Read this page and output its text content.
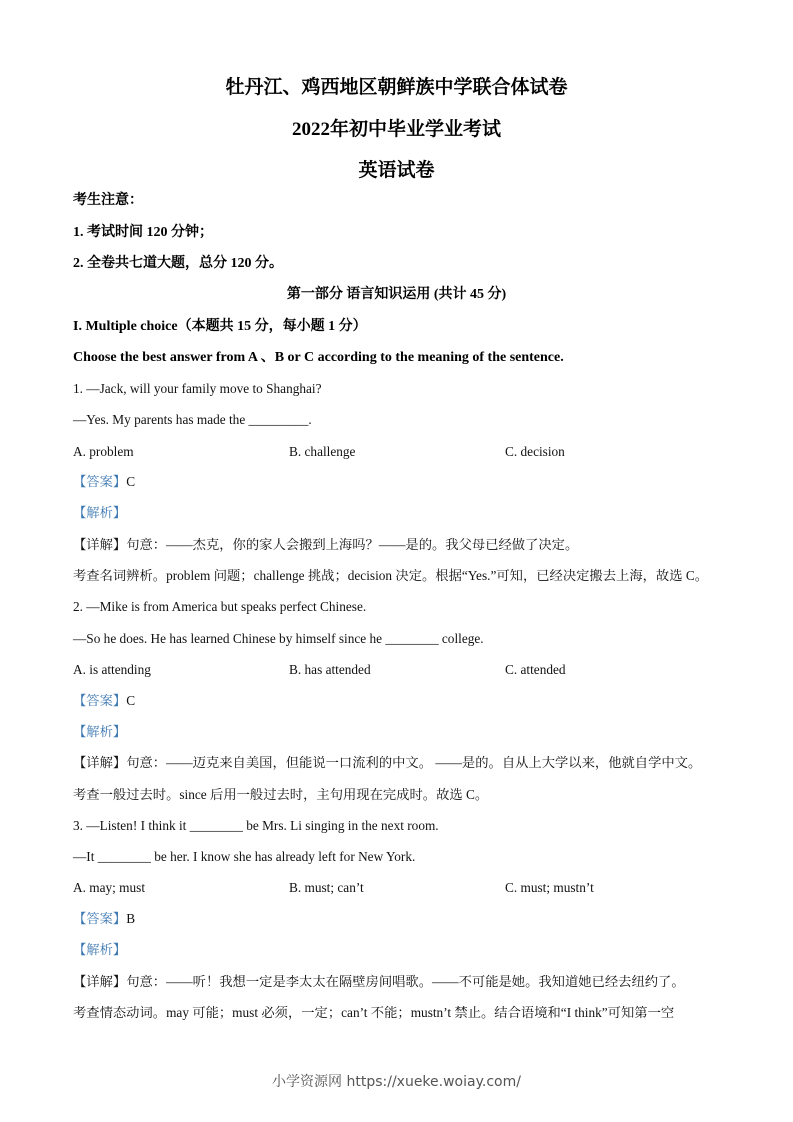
牡丹江、鸡西地区朝鲜族中学联合体试卷
2022年初中毕业学业考试
英语试卷
考生注意：
1. 考试时间 120 分钟；
2. 全卷共七道大题，总分 120 分。
第一部分 语言知识运用 (共计 45 分)
I. Multiple choice（本题共 15 分，每小题 1 分）
Choose the best answer from A 、B or C according to the meaning of the sentence.
1. —Jack, will your family move to Shanghai?
—Yes. My parents has made the _________.
A. problem	B. challenge	C. decision
【答案】C
【解析】
【详解】句意：——杰克，你的家人会搬到上海吗？——是的。我父母已经做了决定。
考查名词辨析。problem 问题；challenge 挑战；decision 决定。根据“Yes.”可知，已经决定搬去上海，故选 C。
2. —Mike is from America but speaks perfect Chinese.
—So he does. He has learned Chinese by himself since he ________ college.
A. is attending	B. has attended	C. attended
【答案】C
【解析】
【详解】句意：——迈克来自美国，但能说一口流利的中文。 ——是的。自从上大学以来，他就自学中文。
考查一般过去时。since 后用一般过去时，主句用现在完成时。故选 C。
3. —Listen! I think it ________ be Mrs. Li singing in the next room.
—It ________ be her. I know she has already left for New York.
A. may; must	B. must; can’t	C. must; mustn’t
【答案】B
【解析】
【详解】句意：——听！我想一定是李太太在隔壁房间唱歌。——不可能是她。我知道她已经去纽约了。
考查情态动词。may 可能；must 必须，一定；can’t 不能；mustn’t 禁止。结合语境和“I think”可知第一空
小学资源网 https://xueke.woiay.com/
